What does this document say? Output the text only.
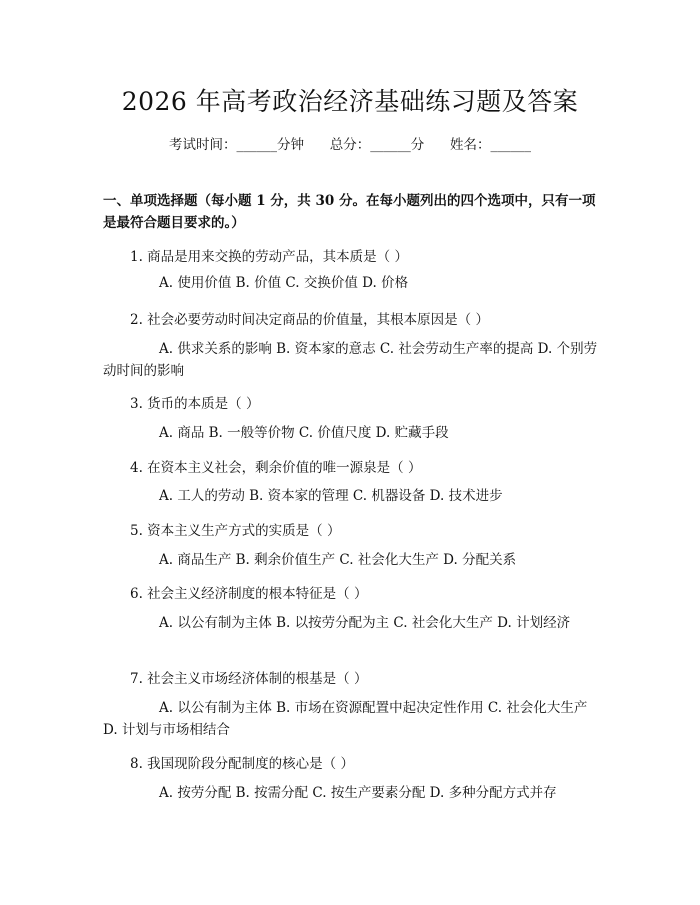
2026 年高考政治经济基础练习题及答案
考试时间：______分钟      总分：______分      姓名：______
一、单项选择题（每小题 1 分，共 30 分。在每小题列出的四个选项中，只有一项是最符合题目要求的。）
1. 商品是用来交换的劳动产品，其本质是（ ）
A. 使用价值 B. 价值 C. 交换价值 D. 价格
2. 社会必要劳动时间决定商品的价值量，其根本原因是（ ）
A. 供求关系的影响 B. 资本家的意志 C. 社会劳动生产率的提高 D. 个别劳动时间的影响
3. 货币的本质是（ ）
A. 商品 B. 一般等价物 C. 价值尺度 D. 贮藏手段
4. 在资本主义社会，剩余价值的唯一源泉是（ ）
A. 工人的劳动 B. 资本家的管理 C. 机器设备 D. 技术进步
5. 资本主义生产方式的实质是（ ）
A. 商品生产 B. 剩余价值生产 C. 社会化大生产 D. 分配关系
6. 社会主义经济制度的根本特征是（ ）
A. 以公有制为主体 B. 以按劳分配为主 C. 社会化大生产 D. 计划经济
7. 社会主义市场经济体制的根基是（ ）
A. 以公有制为主体 B. 市场在资源配置中起决定性作用 C. 社会化大生产 D. 计划与市场相结合
8. 我国现阶段分配制度的核心是（ ）
A. 按劳分配 B. 按需分配 C. 按生产要素分配 D. 多种分配方式并存
